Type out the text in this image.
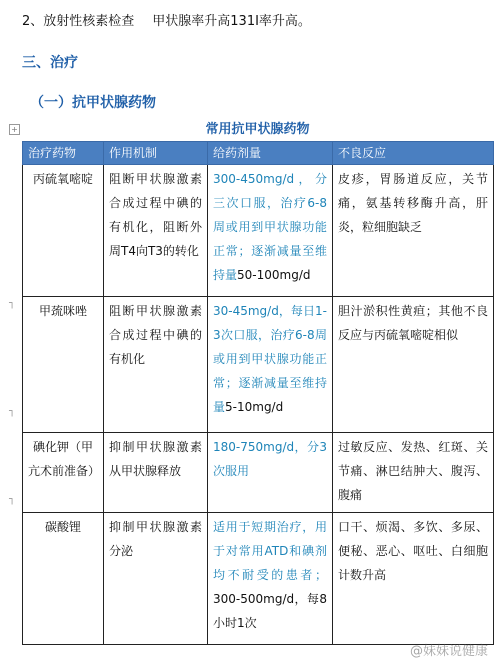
2、放射性核素检查 甲状腺率升高131I率升高。
三、治疗
（一）抗甲状腺药物
+
┐
┐
┐
常用抗甲状腺药物
治疗药物	作用机制	给药剂量	不良反应
丙硫氧嘧啶	阻断甲状腺激素合成过程中碘的有机化，阻断外周T4向T3的转化	300-450mg/d，分三次口服，治疗6-8周或用到甲状腺功能正常；逐渐减量至维持量50-100mg/d	皮疹，胃肠道反应，关节痛，氨基转移酶升高，肝炎，粒细胞缺乏
甲巯咪唑	阻断甲状腺激素合成过程中碘的有机化	30-45mg/d，每日1-3次口服，治疗6-8周或用到甲状腺功能正常；逐渐减量至维持量5-10mg/d	胆汁淤积性黄疸；其他不良反应与丙硫氧嘧啶相似
碘化钾（甲亢术前准备）	抑制甲状腺激素从甲状腺释放	180-750mg/d，分3次服用	过敏反应、发热、红斑、关节痛、淋巴结肿大、腹泻、腹痛
碳酸锂	抑制甲状腺激素分泌	适用于短期治疗，用于对常用ATD和碘剂均不耐受的患者；300-500mg/d，每8小时1次	口干、烦渴、多饮、多尿、便秘、恶心、呕吐、白细胞计数升高
@妹妹说健康
